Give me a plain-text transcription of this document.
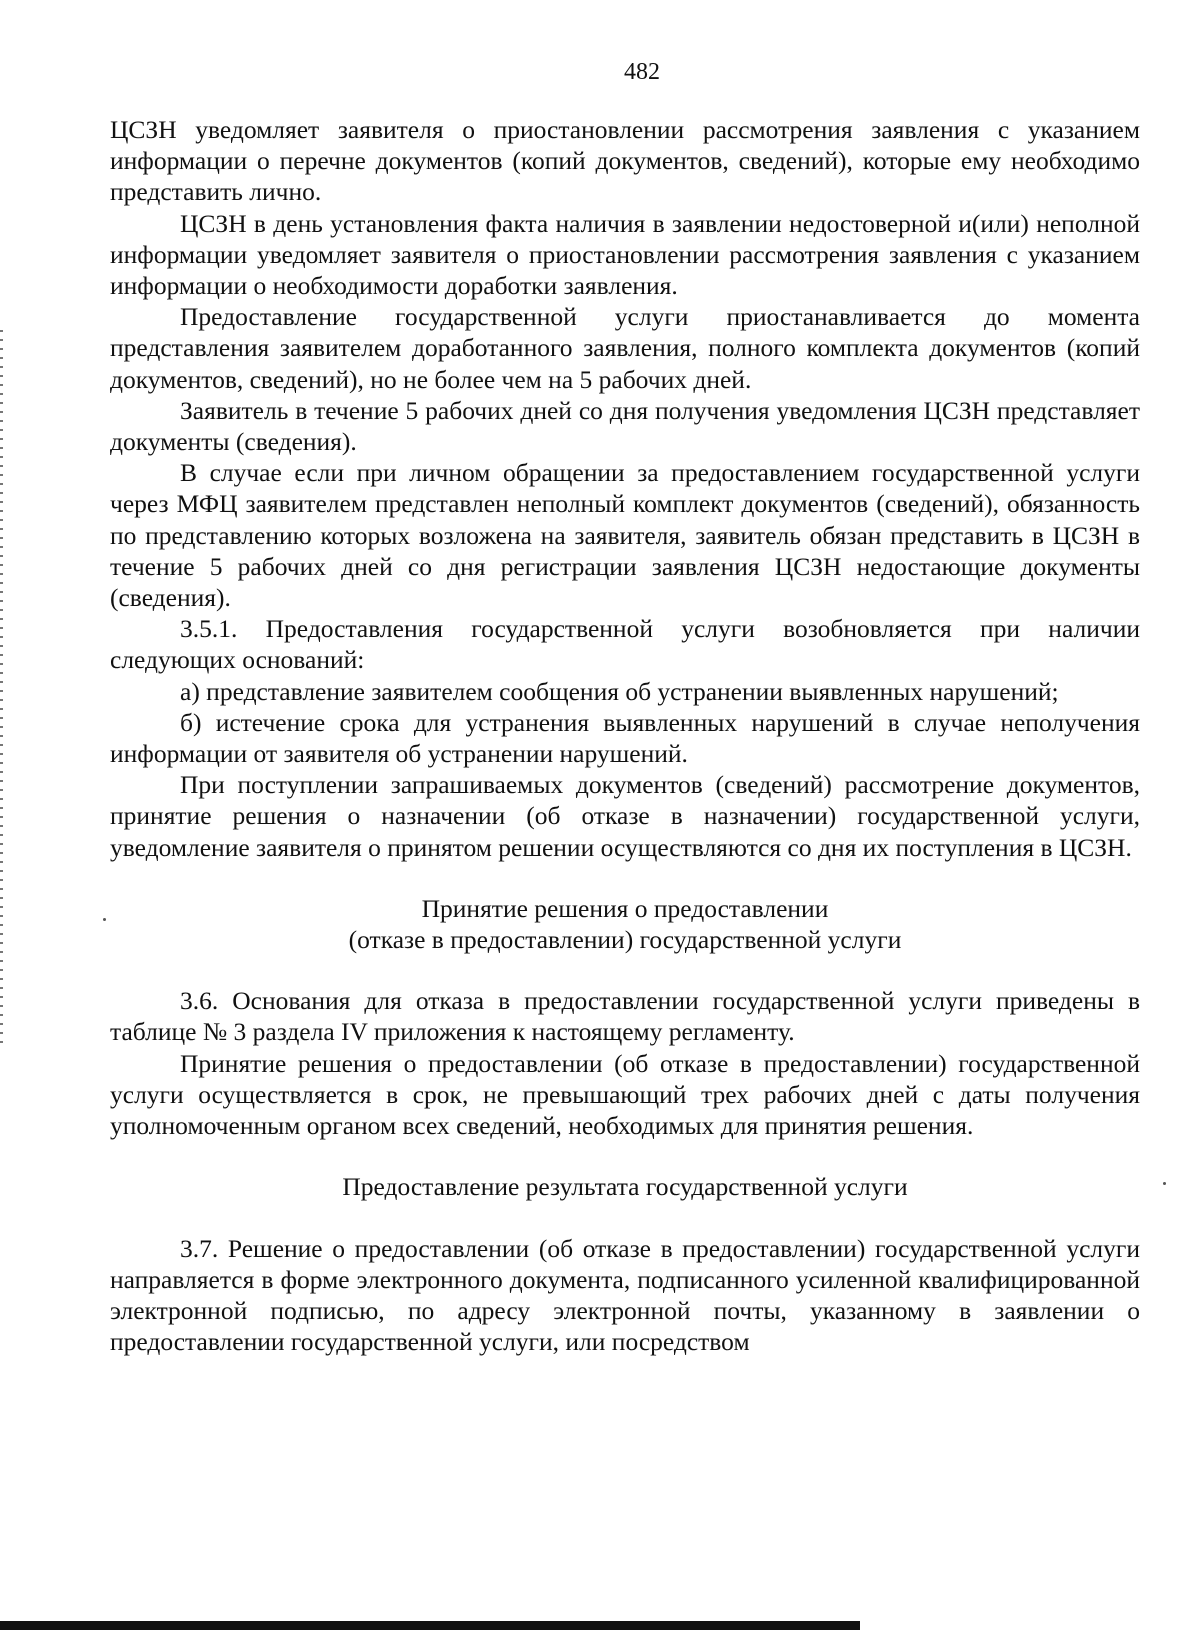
482

ЦСЗН уведомляет заявителя о приостановлении рассмотрения заявления с указанием информации о перечне документов (копий документов, сведений), которые ему необходимо представить лично.

ЦСЗН в день установления факта наличия в заявлении недостоверной и(или) неполной информации уведомляет заявителя о приостановлении рассмотрения заявления с указанием информации о необходимости доработки заявления.

Предоставление государственной услуги приостанавливается до момента представления заявителем доработанного заявления, полного комплекта документов (копий документов, сведений), но не более чем на 5 рабочих дней.

Заявитель в течение 5 рабочих дней со дня получения уведомления ЦСЗН представляет документы (сведения).

В случае если при личном обращении за предоставлением государственной услуги через МФЦ заявителем представлен неполный комплект документов (сведений), обязанность по представлению которых возложена на заявителя, заявитель обязан представить в ЦСЗН в течение 5 рабочих дней со дня регистрации заявления ЦСЗН недостающие документы (сведения).

3.5.1. Предоставления государственной услуги возобновляется при наличии следующих оснований:

а) представление заявителем сообщения об устранении выявленных нарушений;

б) истечение срока для устранения выявленных нарушений в случае неполучения информации от заявителя об устранении нарушений.

При поступлении запрашиваемых документов (сведений) рассмотрение документов, принятие решения о назначении (об отказе в назначении) государственной услуги, уведомление заявителя о принятом решении осуществляются со дня их поступления в ЦСЗН.

Принятие решения о предоставлении

(отказе в предоставлении) государственной услуги

3.6. Основания для отказа в предоставлении государственной услуги приведены в таблице № 3 раздела IV приложения к настоящему регламенту.

Принятие решения о предоставлении (об отказе в предоставлении) государственной услуги осуществляется в срок, не превышающий трех рабочих дней с даты получения уполномоченным органом всех сведений, необходимых для принятия решения.

Предоставление результата государственной услуги

3.7. Решение о предоставлении (об отказе в предоставлении) государственной услуги направляется в форме электронного документа, подписанного усиленной квалифицированной электронной подписью, по адресу электронной почты, указанному в заявлении о предоставлении государственной услуги, или посредством
